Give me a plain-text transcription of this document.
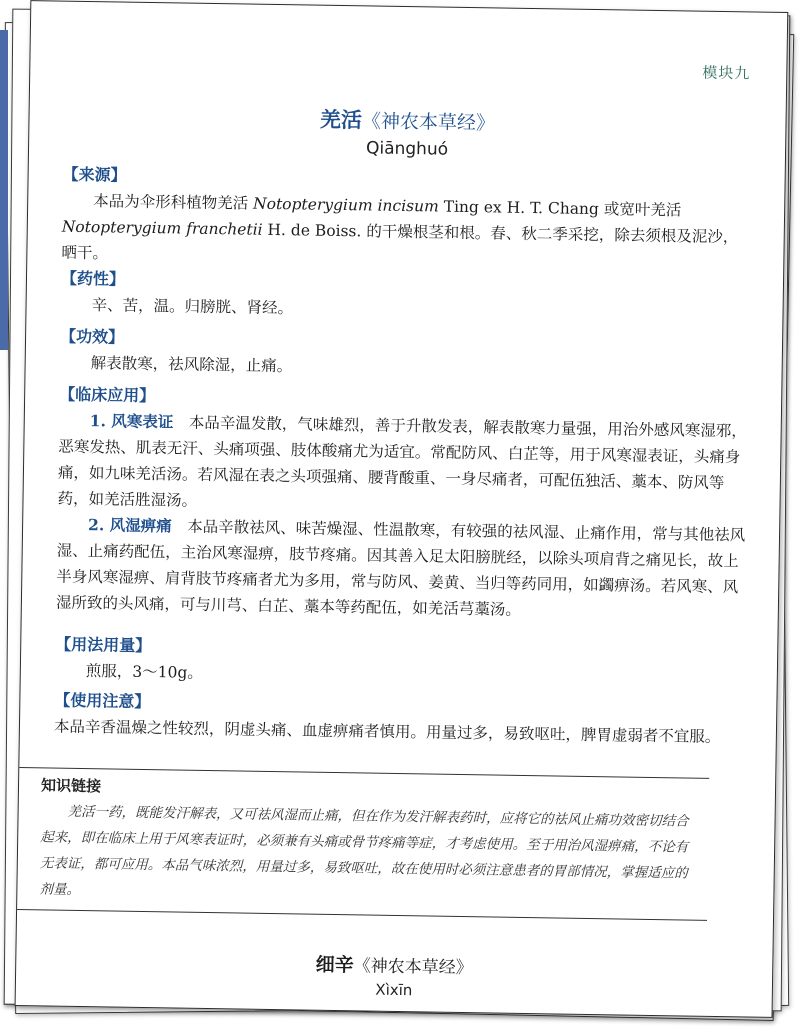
模块九
羌活《神农本草经》
Qiānghuó
【来源】

本品为伞形科植物羌活 Notopterygium incisum Ting ex H. T. Chang 或宽叶羌活 Notopterygium franchetii H. de Boiss. 的干燥根茎和根。春、秋二季采挖，除去须根及泥沙，晒干。

【药性】

辛、苦，温。归膀胱、肾经。

【功效】

解表散寒，祛风除湿，止痛。

【临床应用】

1. 风寒表证　 本品辛温发散，气味雄烈，善于升散发表，解表散寒力量强，用治外感风寒湿邪，恶寒发热、肌表无汗、头痛项强、肢体酸痛尤为适宜。常配防风、白芷等，用于风寒湿表证，头痛身痛，如九味羌活汤。若风湿在表之头项强痛、腰背酸重、一身尽痛者，可配伍独活、藁本、防风等药，如羌活胜湿汤。

2. 风湿痹痛　 本品辛散祛风、味苦燥湿、性温散寒，有较强的祛风湿、止痛作用，常与其他祛风湿、止痛药配伍，主治风寒湿痹，肢节疼痛。因其善入足太阳膀胱经，以除头项肩背之痛见长，故上半身风寒湿痹、肩背肢节疼痛者尤为多用，常与防风、姜黄、当归等药同用，如蠲痹汤。若风寒、风湿所致的头风痛，可与川芎、白芷、藁本等药配伍，如羌活芎藁汤。

【用法用量】

煎服，3～10g。

【使用注意】

本品辛香温燥之性较烈，阴虚头痛、血虚痹痛者慎用。用量过多，易致呕吐，脾胃虚弱者不宜服。

知识链接
羌活一药，既能发汗解表，又可祛风湿而止痛，但在作为发汗解表药时，应将它的祛风止痛功效密切结合起来，即在临床上用于风寒表证时，必须兼有头痛或骨节疼痛等症，才考虑使用。至于用治风湿痹痛，不论有无表证，都可应用。本品气味浓烈，用量过多，易致呕吐，故在使用时必须注意患者的胃部情况，掌握适应的剂量。
细辛《神农本草经》
Xìxīn
